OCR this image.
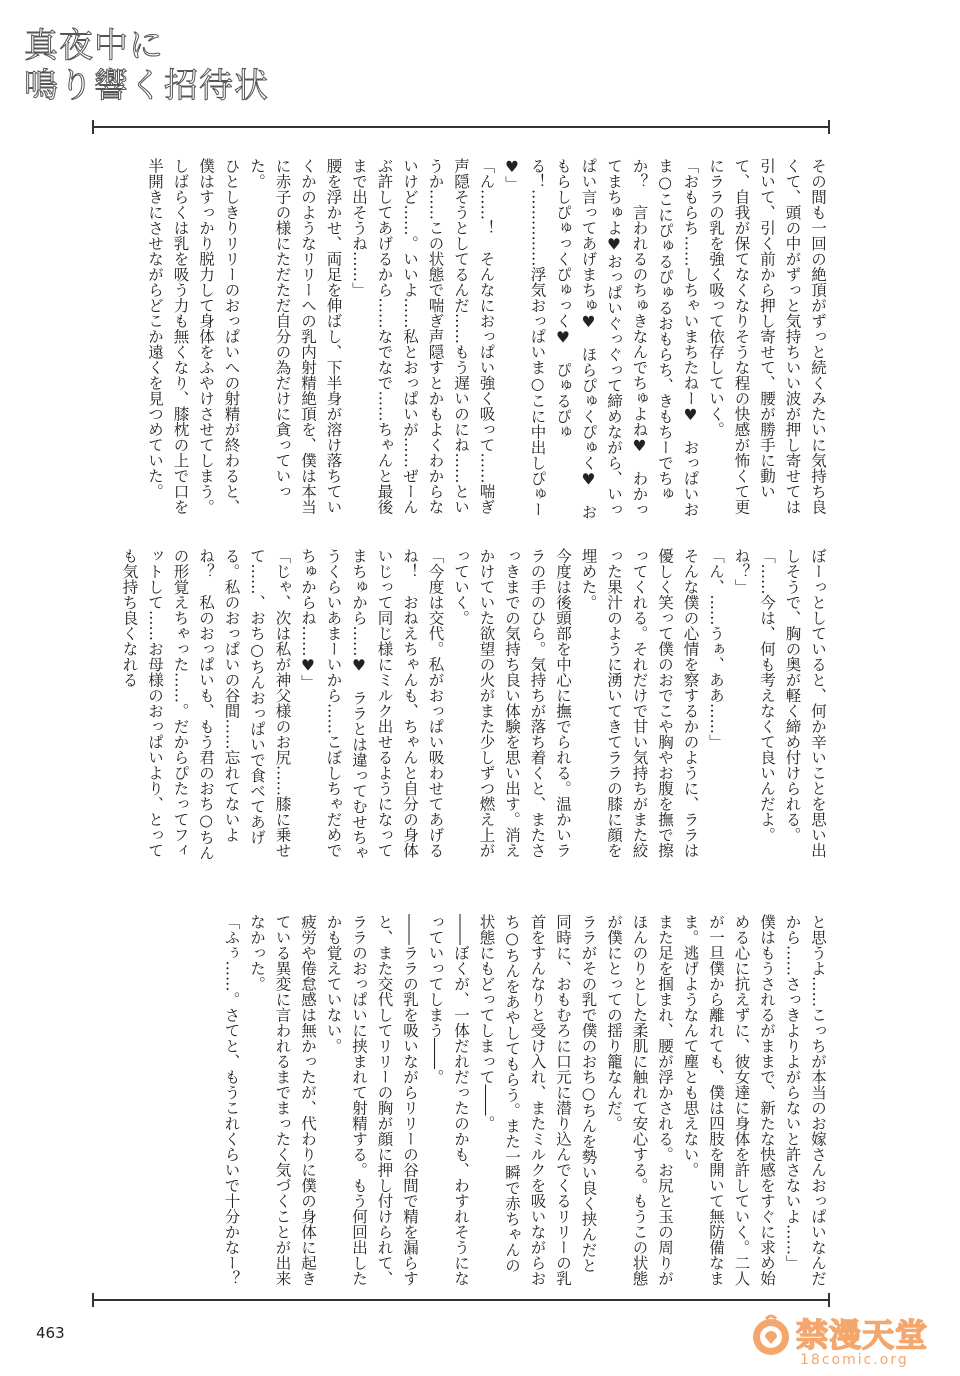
真夜中に
鳴り響く招待状

その間も一回の絶頂がずっと続くみたいに気持ち良くて、頭の中がずっと気持ちいい波が押し寄せては引いて、引く前から押し寄せて、腰が勝手に動いて、自我が保てなくなりそうな程の快感が怖くて更にララの乳を強く吸って依存していく。

「おもらち……しちゃいまちたねー♥　おっぱいおま○こにぴゅるぴゅるおもらち、きもちーでちゅか？　言われるのちゅきなんでちゅよね♥　わかってまちゅよ♥おっぱいぐっぐって締めながら、いっぱい言ってあげまちゅ♥　ほらぴゅくぴゅく♥　おもらしぴゅっくぴゅっく♥　ぴゅるぴゅる！……………浮気おっぱいま○こに中出しぴゅー♥」

「ん……！　そんなにおっぱい強く吸って……喘ぎ声隠そうとしてるんだ……もう遅いのにね……というか……この状態で喘ぎ声隠すとかもよくわからないけど……。いいよ……私とおっぱいが……ぜーんぶ許してあげるから……なでなで……ちゃんと最後まで出そうね……」

腰を浮かせ、両足を伸ばし、下半身が溶け落ちていくかのようなリリーへの乳内射精絶頂を、僕は本当に赤子の様にただただ自分の為だけに貪っていった。

ひとしきりリリーのおっぱいへの射精が終わると、僕はすっかり脱力して身体をふやけさせてしまう。しばらくは乳を吸う力も無くなり、膝枕の上で口を半開きにさせながらどこか遠くを見つめていた。

ぼーっとしていると、何か辛いことを思い出しそうで、胸の奥が軽く締め付けられる。

「……今は、何も考えなくて良いんだよ。ね？」

「ん、……うぁ、ああ……」

そんな僕の心情を察するかのように、ララは優しく笑って僕のおでこや胸やお腹を撫で擦ってくれる。それだけで甘い気持ちがまた絞った果汁のように湧いてきてララの膝に顔を埋めた。

今度は後頭部を中心に撫でられる。温かいララの手のひら。気持ちが落ち着くと、またさっきまでの気持ち良い体験を思い出す。消えかけていた欲望の火がまた少しずつ燃え上がっていく。

「今度は交代。私がおっぱい吸わせてあげるね！　おねえちゃんも、ちゃんと自分の身体いじって同じ様にミルク出せるようになってまちゅから……♥　ララとは違ってむせちゃうくらいあまーいから……こぼしちゃだめでちゅからね……♥」

「じゃ、次は私が神父様のお尻……膝に乗せて……、おち○ちんおっぱいで食べてあげる。私のおっぱいの谷間……忘れてないよね？　私のおっぱいも、もう君のおち○ちんの形覚えちゃった……。だからぴたってフィットして……お母様のおっぱいより、とっても気持ち良くなれる

と思うよ……こっちが本当のお嫁さんおっぱいなんだから……さっきよりよがらないと許さないよ……」

僕はもうされるがままで、新たな快感をすぐに求め始める心に抗えずに、彼女達に身体を許していく。二人が一旦僕から離れても、僕は四肢を開いて無防備なまま。逃げようなんて塵とも思えない。

また足を掴まれ、腰が浮かされる。お尻と玉の周りがほんのりとした柔肌に触れて安心する。もうこの状態が僕にとっての揺り籠なんだ。

ララがその乳で僕のおち○ちんを勢い良く挟んだと同時に、おもむろに口元に潜り込んでくるリリーの乳首をすんなりと受け入れ、またミルクを吸いながらおち○ちんをあやしてもらう。また一瞬で赤ちゃんの状態にもどってしまって――。

――ぼくが、一体だれだったのかも、わすれそうになっていってしまう――。

――ララの乳を吸いながらリリーの谷間で精を漏らすと、また交代してリリーの胸が顔に押し付けられて、ララのおっぱいに挟まれて射精する。もう何回出したかも覚えていない。

疲労や倦怠感は無かったが、代わりに僕の身体に起きている異変に言われるまでまったく気づくことが出来なかった。

「ふぅ……。さてと、もうこれくらいで十分かなー？

463	禁漫天堂
18comic.org
